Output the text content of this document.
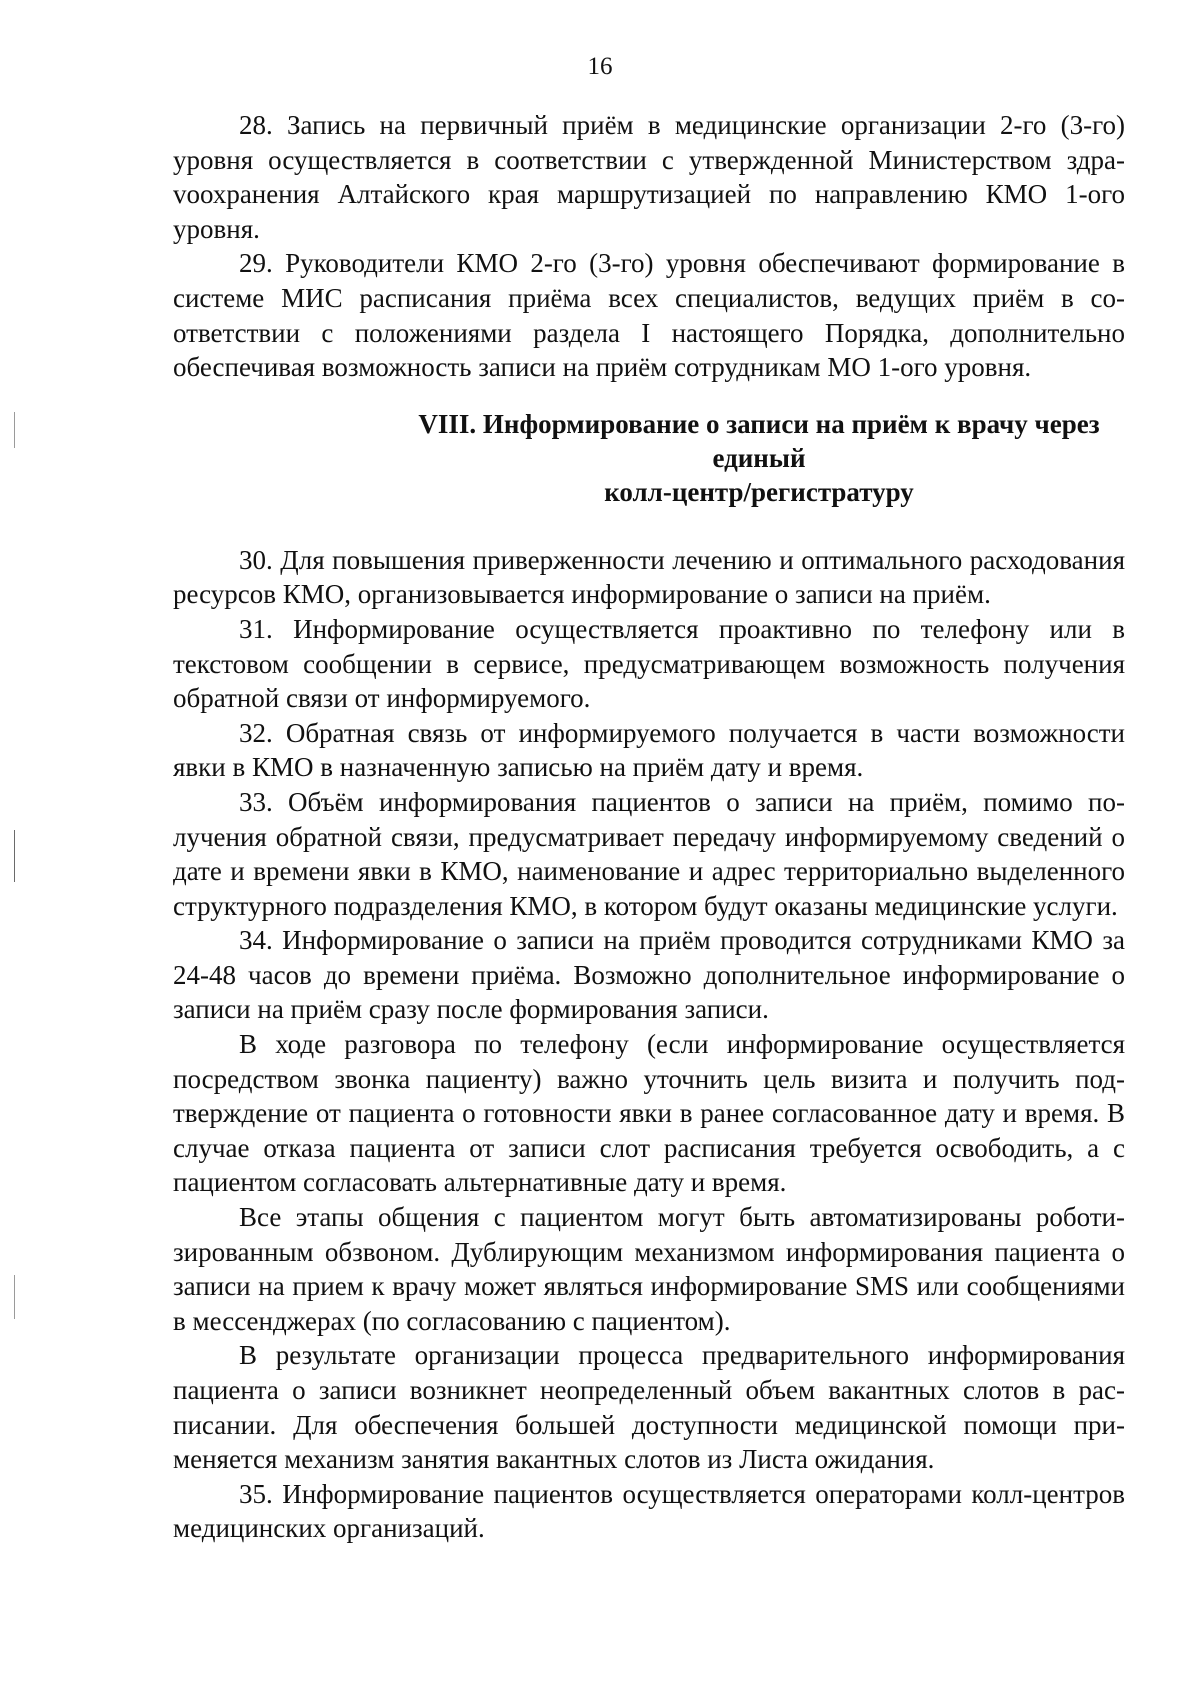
16

28. Запись на первичный приём в медицинские организации 2-го (3-го) уровня осуществляется в соответствии с утвержденной Министерством здраvоохранения Алтайского края маршрутизацией по направлению КМО 1-ого уровня.

29. Руководители КМО 2-го (3-го) уровня обеспечивают формирование в системе МИС расписания приёма всех специалистов, ведущих приём в соответствии с положениями раздела I настоящего Порядка, дополнительно обеспечивая возможность записи на приём сотрудникам МО 1-ого уровня.

VIII. Информирование о записи на приём к врачу через единый
колл-центр/регистратуру

30. Для повышения приверженности лечению и оптимального расходования ресурсов КМО, организовывается информирование о записи на приём.

31. Информирование осуществляется проактивно по телефону или в текстовом сообщении в сервисе, предусматривающем возможность получения обратной связи от информируемого.

32. Обратная связь от информируемого получается в части возможности явки в КМО в назначенную записью на приём дату и время.

33. Объём информирования пациентов о записи на приём, помимо получения обратной связи, предусматривает передачу информируемому сведений о дате и времени явки в КМО, наименование и адрес территориально выделенного структурного подразделения КМО, в котором будут оказаны медицинские услуги.

34. Информирование о записи на приём проводится сотрудниками КМО за 24-48 часов до времени приёма. Возможно дополнительное информирование о записи на приём сразу после формирования записи.

В ходе разговора по телефону (если информирование осуществляется посредством звонка пациенту) важно уточнить цель визита и получить подтверждение от пациента о готовности явки в ранее согласованное дату и время. В случае отказа пациента от записи слот расписания требуется освободить, а с пациентом согласовать альтернативные дату и время.

Все этапы общения с пациентом могут быть автоматизированы роботизированным обзвоном. Дублирующим механизмом информирования пациента о записи на прием к врачу может являться информирование SMS или сообщениями в мессенджерах (по согласованию с пациентом).

В результате организации процесса предварительного информирования пациента о записи возникнет неопределенный объем вакантных слотов в расписании. Для обеспечения большей доступности медицинской помощи применяется механизм занятия вакантных слотов из Листа ожидания.

35. Информирование пациентов осуществляется операторами колл-центров медицинских организаций.
